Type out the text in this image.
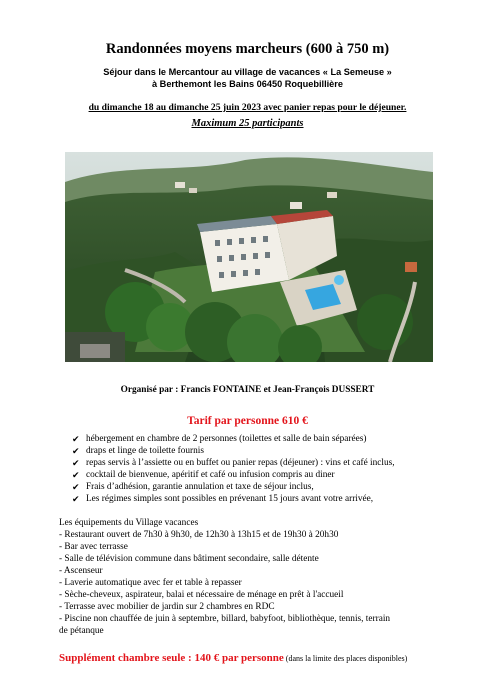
Randonnées moyens marcheurs (600 à 750 m)
Séjour dans le Mercantour au village de vacances « La Semeuse »
à Berthemont les Bains 06450 Roquebillière
du dimanche 18 au dimanche 25 juin 2023 avec panier repas pour le déjeuner.
Maximum 25 participants
Organisé par : Francis FONTAINE et Jean-François DUSSERT
Tarif par personne 610 €
✔ hébergement en chambre de 2 personnes (toilettes et salle de bain séparées)
✔ draps et linge de toilette fournis
✔ repas servis à l’assiette ou en buffet ou panier repas (déjeuner) : vins et café inclus,
✔ cocktail de bienvenue, apéritif et café ou infusion compris au diner
✔ Frais d’adhésion, garantie annulation et taxe de séjour inclus,
✔ Les régimes simples sont possibles en prévenant 15 jours avant votre arrivée,
Les équipements du Village vacances
- Restaurant ouvert de 7h30 à 9h30, de 12h30 à 13h15 et de 19h30 à 20h30
- Bar avec terrasse
- Salle de télévision commune dans bâtiment secondaire, salle détente
- Ascenseur
- Laverie automatique avec fer et table à repasser
- Sèche-cheveux, aspirateur, balai et nécessaire de ménage en prêt à l'accueil
- Terrasse avec mobilier de jardin sur 2 chambres en RDC
- Piscine non chauffée de juin à septembre, billard, babyfoot, bibliothèque, tennis, terrain
de pétanque
Supplément chambre seule : 140 € par personne (dans la limite des places disponibles)
